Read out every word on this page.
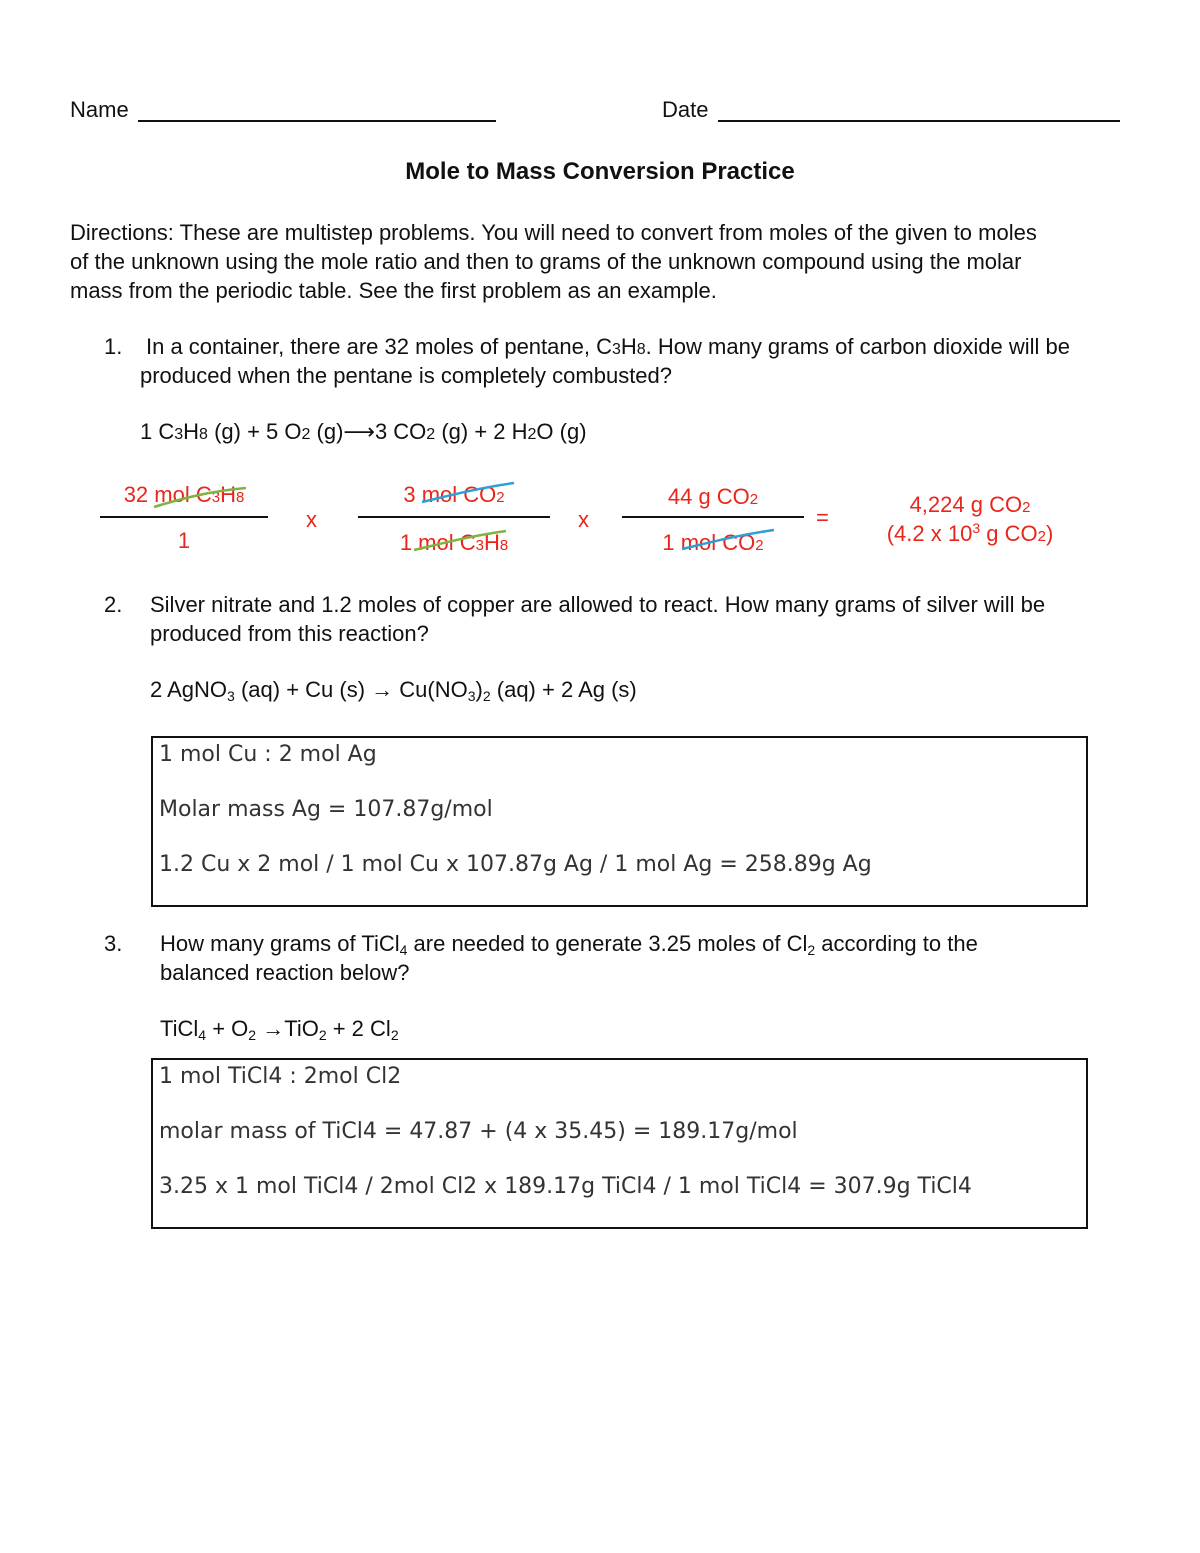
Name	Date
Mole to Mass Conversion Practice
Directions: These are multistep problems. You will need to convert from moles of the given to moles
of the unknown using the mole ratio and then to grams of the unknown compound using the molar
mass from the periodic table. See the first problem as an example.
1. In a container, there are 32 moles of pentane, C3H8. How many grams of carbon dioxide will be
produced when the pentane is completely combusted?
1 C3H8 (g) + 5 O2 (g)⟶3 CO2 (g) + 2 H2O (g)
32 mol C3H8
1
x
3 mol CO2
1 mol C3H8
x
44 g CO2
1 mol CO2
=
4,224 g CO2
(4.2 x $10^3$ g CO2)
2. Silver nitrate and 1.2 moles of copper are allowed to react. How many grams of silver will be
produced from this reaction?
2 AgNO$_3$ (aq) + Cu $(s) \to Cu(NO_3)_2$ (aq) + 2 Ag (s)
1 mol Cu : 2 mol Ag
Molar mass Ag = 107.87g/mol
1.2 Cu x 2 mol / 1 mol Cu x 107.87g Ag / 1 mol Ag = 258.89g Ag
3. How many grams of TiCl$_4$ are needed to generate 3.25 moles of $Cl_2$ according to the
balanced reaction below?
TiCl$_4$ + $O_2 \to TiO_2 + 2$ $Cl_2$
1 mol TiCl4 : 2mol Cl2
molar mass of TiCl4 = 47.87 + (4 x 35.45) = 189.17g/mol
3.25 x 1 mol TiCl4 / 2mol Cl2 x 189.17g TiCl4 / 1 mol TiCl4 = 307.9g TiCl4
